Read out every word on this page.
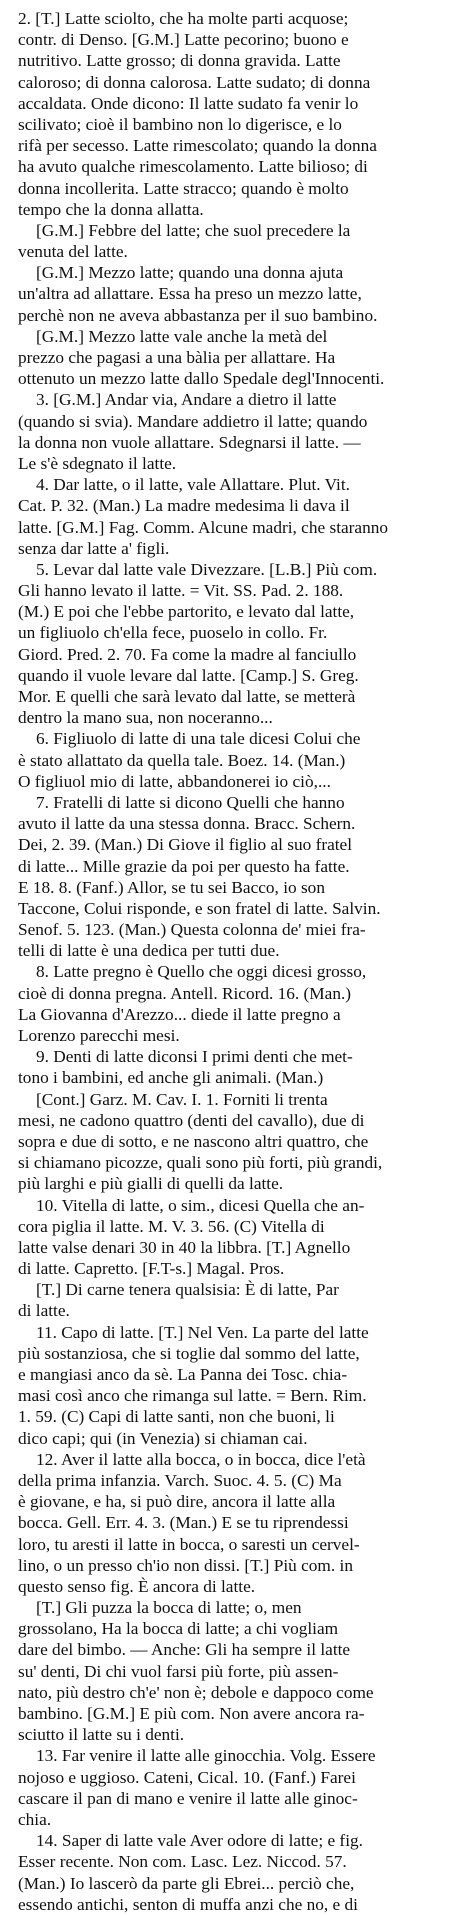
2. [T.] Latte sciolto, che ha molte parti acquose;
contr. di Denso. [G.M.] Latte pecorino; buono e
nutritivo. Latte grosso; di donna gravida. Latte
caloroso; di donna calorosa. Latte sudato; di donna
accaldata. Onde dicono: Il latte sudato fa venir lo
scilivato; cioè il bambino non lo digerisce, e lo
rifà per secesso. Latte rimescolato; quando la donna
ha avuto qualche rimescolamento. Latte bilioso; di
donna incollerita. Latte stracco; quando è molto
tempo che la donna allatta.
[G.M.] Febbre del latte; che suol precedere la
venuta del latte.
[G.M.] Mezzo latte; quando una donna ajuta
un'altra ad allattare. Essa ha preso un mezzo latte,
perchè non ne aveva abbastanza per il suo bambino.
[G.M.] Mezzo latte vale anche la metà del
prezzo che pagasi a una bàlia per allattare. Ha
ottenuto un mezzo latte dallo Spedale degl'Innocenti.
3. [G.M.] Andar via, Andare a dietro il latte
(quando si svia). Mandare addietro il latte; quando
la donna non vuole allattare. Sdegnarsi il latte. —
Le s'è sdegnato il latte.
4. Dar latte, o il latte, vale Allattare. Plut. Vit.
Cat. P. 32. (Man.) La madre medesima li dava il
latte. [G.M.] Fag. Comm. Alcune madri, che staranno
senza dar latte a' figli.
5. Levar dal latte vale Divezzare. [L.B.] Più com.
Gli hanno levato il latte. = Vit. SS. Pad. 2. 188.
(M.) E poi che l'ebbe partorito, e levato dal latte,
un figliuolo ch'ella fece, puoselo in collo. Fr.
Giord. Pred. 2. 70. Fa come la madre al fanciullo
quando il vuole levare dal latte. [Camp.] S. Greg.
Mor. E quelli che sarà levato dal latte, se metterà
dentro la mano sua, non noceranno...
6. Figliuolo di latte di una tale dicesi Colui che
è stato allattato da quella tale. Boez. 14. (Man.)
O figliuol mio di latte, abbandonerei io ciò,...
7. Fratelli di latte si dicono Quelli che hanno
avuto il latte da una stessa donna. Bracc. Schern.
Dei, 2. 39. (Man.) Di Giove il figlio al suo fratel
di latte... Mille grazie da poi per questo ha fatte.
E 18. 8. (Fanf.) Allor, se tu sei Bacco, io son
Taccone, Colui risponde, e son fratel di latte. Salvin.
Senof. 5. 123. (Man.) Questa colonna de' miei fra-
telli di latte è una dedica per tutti due.
8. Latte pregno è Quello che oggi dicesi grosso,
cioè di donna pregna. Antell. Ricord. 16. (Man.)
La Giovanna d'Arezzo... diede il latte pregno a
Lorenzo parecchi mesi.
9. Denti di latte diconsi I primi denti che met-
tono i bambini, ed anche gli animali. (Man.)
[Cont.] Garz. M. Cav. I. 1. Forniti li trenta
mesi, ne cadono quattro (denti del cavallo), due di
sopra e due di sotto, e ne nascono altri quattro, che
si chiamano picozze, quali sono più forti, più grandi,
più larghi e più gialli di quelli da latte.
10. Vitella di latte, o sim., dicesi Quella che an-
cora piglia il latte. M. V. 3. 56. (C) Vitella di
latte valse denari 30 in 40 la libbra. [T.] Agnello
di latte. Capretto. [F.T-s.] Magal. Pros.
[T.] Di carne tenera qualsisia: È di latte, Par
di latte.
11. Capo di latte. [T.] Nel Ven. La parte del latte
più sostanziosa, che si toglie dal sommo del latte,
e mangiasi anco da sè. La Panna dei Tosc. chia-
masi così anco che rimanga sul latte. = Bern. Rim.
1. 59. (C) Capi di latte santi, non che buoni, li
dico capi; qui (in Venezia) si chiaman cai.
12. Aver il latte alla bocca, o in bocca, dice l'età
della prima infanzia. Varch. Suoc. 4. 5. (C) Ma
è giovane, e ha, si può dire, ancora il latte alla
bocca. Gell. Err. 4. 3. (Man.) E se tu riprendessi
loro, tu aresti il latte in bocca, o saresti un cervel-
lino, o un presso ch'io non dissi. [T.] Più com. in
questo senso fig. È ancora di latte.
[T.] Gli puzza la bocca di latte; o, men
grossolano, Ha la bocca di latte; a chi vogliam
dare del bimbo. — Anche: Gli ha sempre il latte
su' denti, Di chi vuol farsi più forte, più assen-
nato, più destro ch'e' non è; debole e dappoco come
bambino. [G.M.] E più com. Non avere ancora ra-
sciutto il latte su i denti.
13. Far venire il latte alle ginocchia. Volg. Essere
nojoso e uggioso. Cateni, Cical. 10. (Fanf.) Farei
cascare il pan di mano e venire il latte alle ginoc-
chia.
14. Saper di latte vale Aver odore di latte; e fig.
Esser recente. Non com. Lasc. Lez. Niccod. 57.
(Man.) Io lascerò da parte gli Ebrei... perciò che,
essendo antichi, senton di muffa anzi che no, e di
